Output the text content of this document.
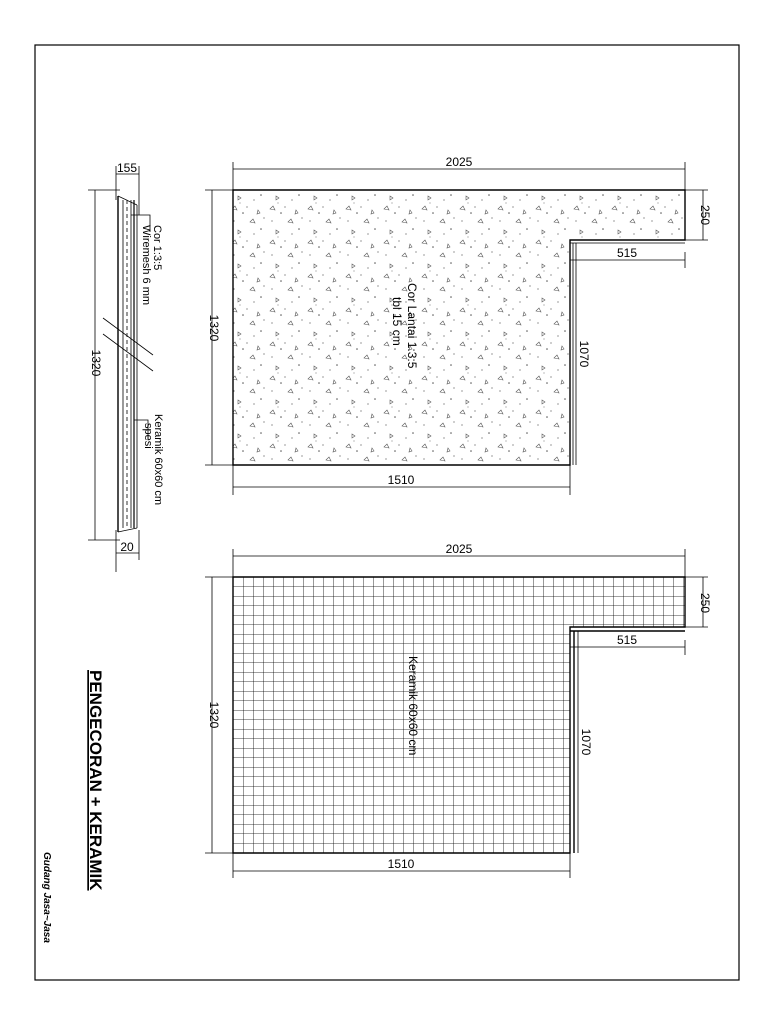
155
20
1320
Cor 1:3:5
Wiremesh 6 mm
Keramik 60x60 cm
spesi
2025
250
515
1320
1070
1510
Cor Lantai 1:3:5
tbl 15 cm
2025
250
515
1320
1070
1510
Keramik 60x60 cm
PENGECORAN + KERAMIK
Gudang Jasa~Jasa
